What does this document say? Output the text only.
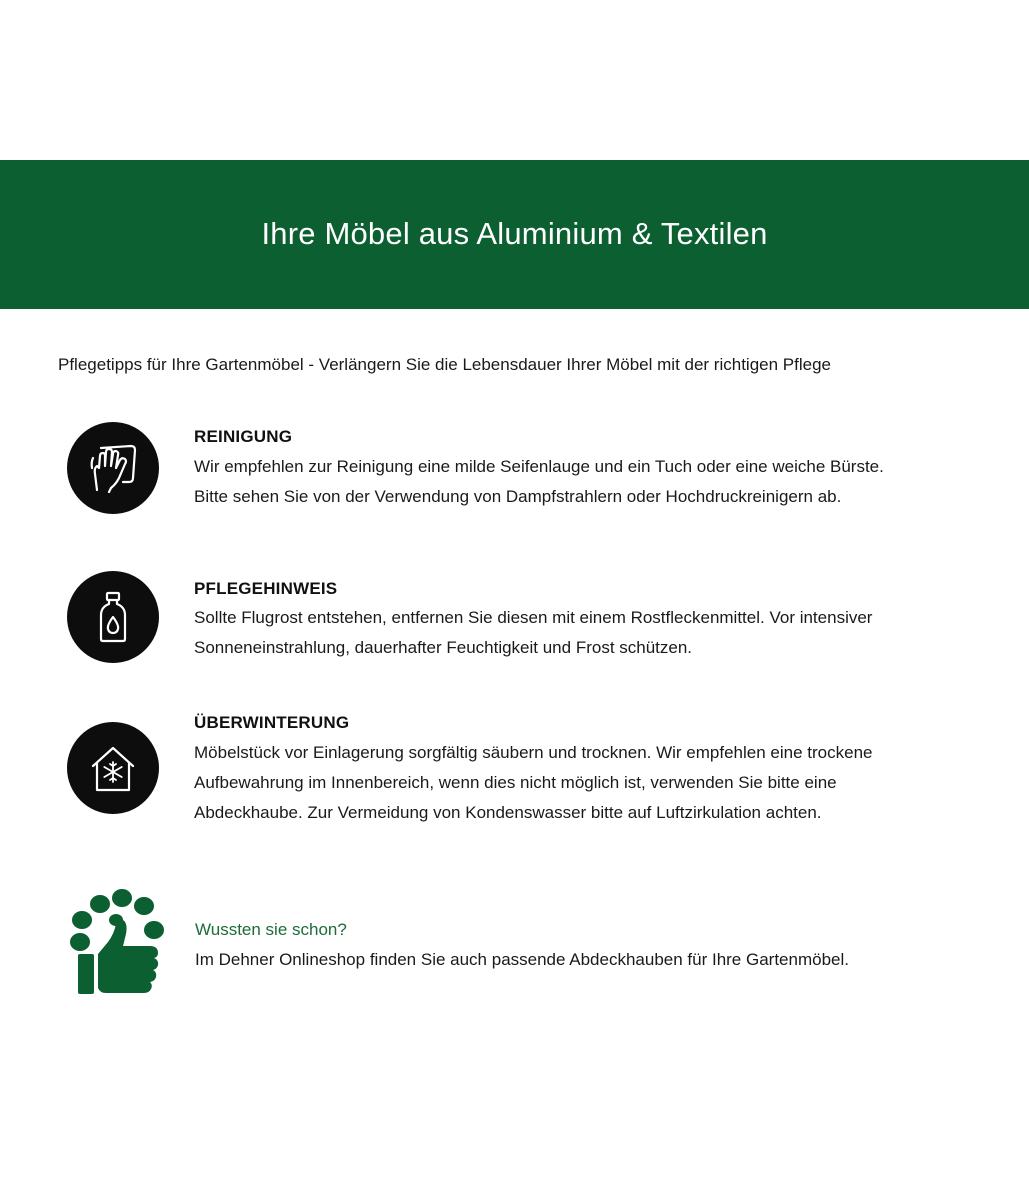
Ihre Möbel aus Aluminium & Textilen
Pflegetipps für Ihre Gartenmöbel - Verlängern Sie die Lebensdauer Ihrer Möbel mit der richtigen Pflege
REINIGUNG
Wir empfehlen zur Reinigung eine milde Seifenlauge und ein Tuch oder eine weiche Bürste.
Bitte sehen Sie von der Verwendung von Dampfstrahlern oder Hochdruckreinigern ab.
PFLEGEHINWEIS
Sollte Flugrost entstehen, entfernen Sie diesen mit einem Rostfleckenmittel. Vor intensiver
Sonneneinstrahlung, dauerhafter Feuchtigkeit und Frost schützen.
ÜBERWINTERUNG
Möbelstück vor Einlagerung sorgfältig säubern und trocknen. Wir empfehlen eine trockene
Aufbewahrung im Innenbereich, wenn dies nicht möglich ist, verwenden Sie bitte eine
Abdeckhaube. Zur Vermeidung von Kondenswasser bitte auf Luftzirkulation achten.
Wussten sie schon?
Im Dehner Onlineshop finden Sie auch passende Abdeckhauben für Ihre Gartenmöbel.
